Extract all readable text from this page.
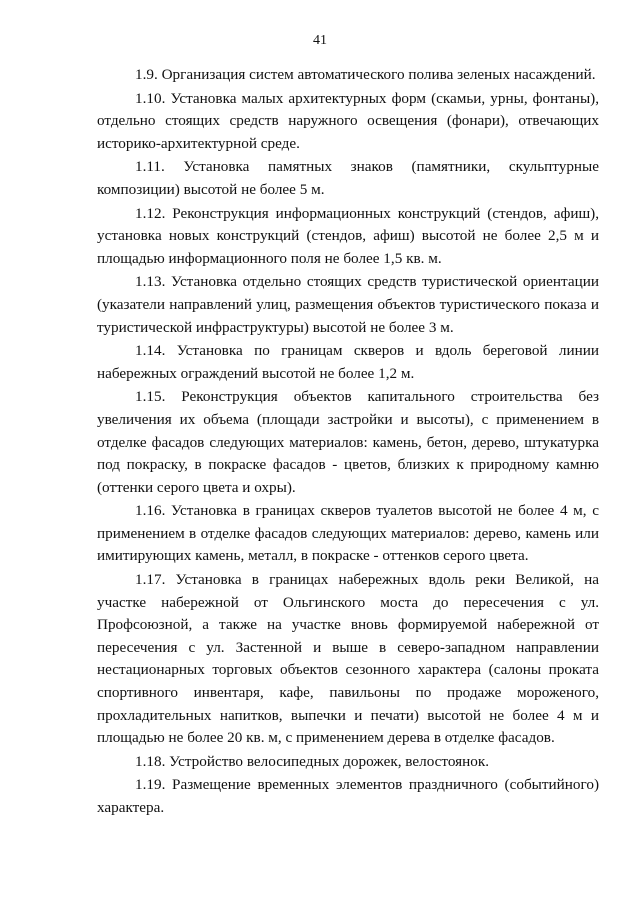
41

1.9. Организация систем автоматического полива зеленых насаждений.

1.10. Установка малых архитектурных форм (скамьи, урны, фонтаны), отдельно стоящих средств наружного освещения (фонари), отвечающих историко-архитектурной среде.

1.11. Установка памятных знаков (памятники, скульптурные композиции) высотой не более 5 м.

1.12. Реконструкция информационных конструкций (стендов, афиш), установка новых конструкций (стендов, афиш) высотой не более 2,5 м и площадью информационного поля не более 1,5 кв. м.

1.13. Установка отдельно стоящих средств туристической ориентации (указатели направлений улиц, размещения объектов туристического показа и туристической инфраструктуры) высотой не более 3 м.

1.14. Установка по границам скверов и вдоль береговой линии набережных ограждений высотой не более 1,2 м.

1.15. Реконструкция объектов капитального строительства без увеличения их объема (площади застройки и высоты), с применением в отделке фасадов следующих материалов: камень, бетон, дерево, штукатурка под покраску, в покраске фасадов - цветов, близких к природному камню (оттенки серого цвета и охры).

1.16. Установка в границах скверов туалетов высотой не более 4 м, с применением в отделке фасадов следующих материалов: дерево, камень или имитирующих камень, металл, в покраске - оттенков серого цвета.

1.17. Установка в границах набережных вдоль реки Великой, на участке набережной от Ольгинского моста до пересечения с ул. Профсоюзной, а также на участке вновь формируемой набережной от пересечения с ул. Застенной и выше в северо-западном направлении нестационарных торговых объектов сезонного характера (салоны проката спортивного инвентаря, кафе, павильоны по продаже мороженого, прохладительных напитков, выпечки и печати) высотой не более 4 м и площадью не более 20 кв. м, с применением дерева в отделке фасадов.

1.18. Устройство велосипедных дорожек, велостоянок.

1.19. Размещение временных элементов праздничного (событийного) характера.
